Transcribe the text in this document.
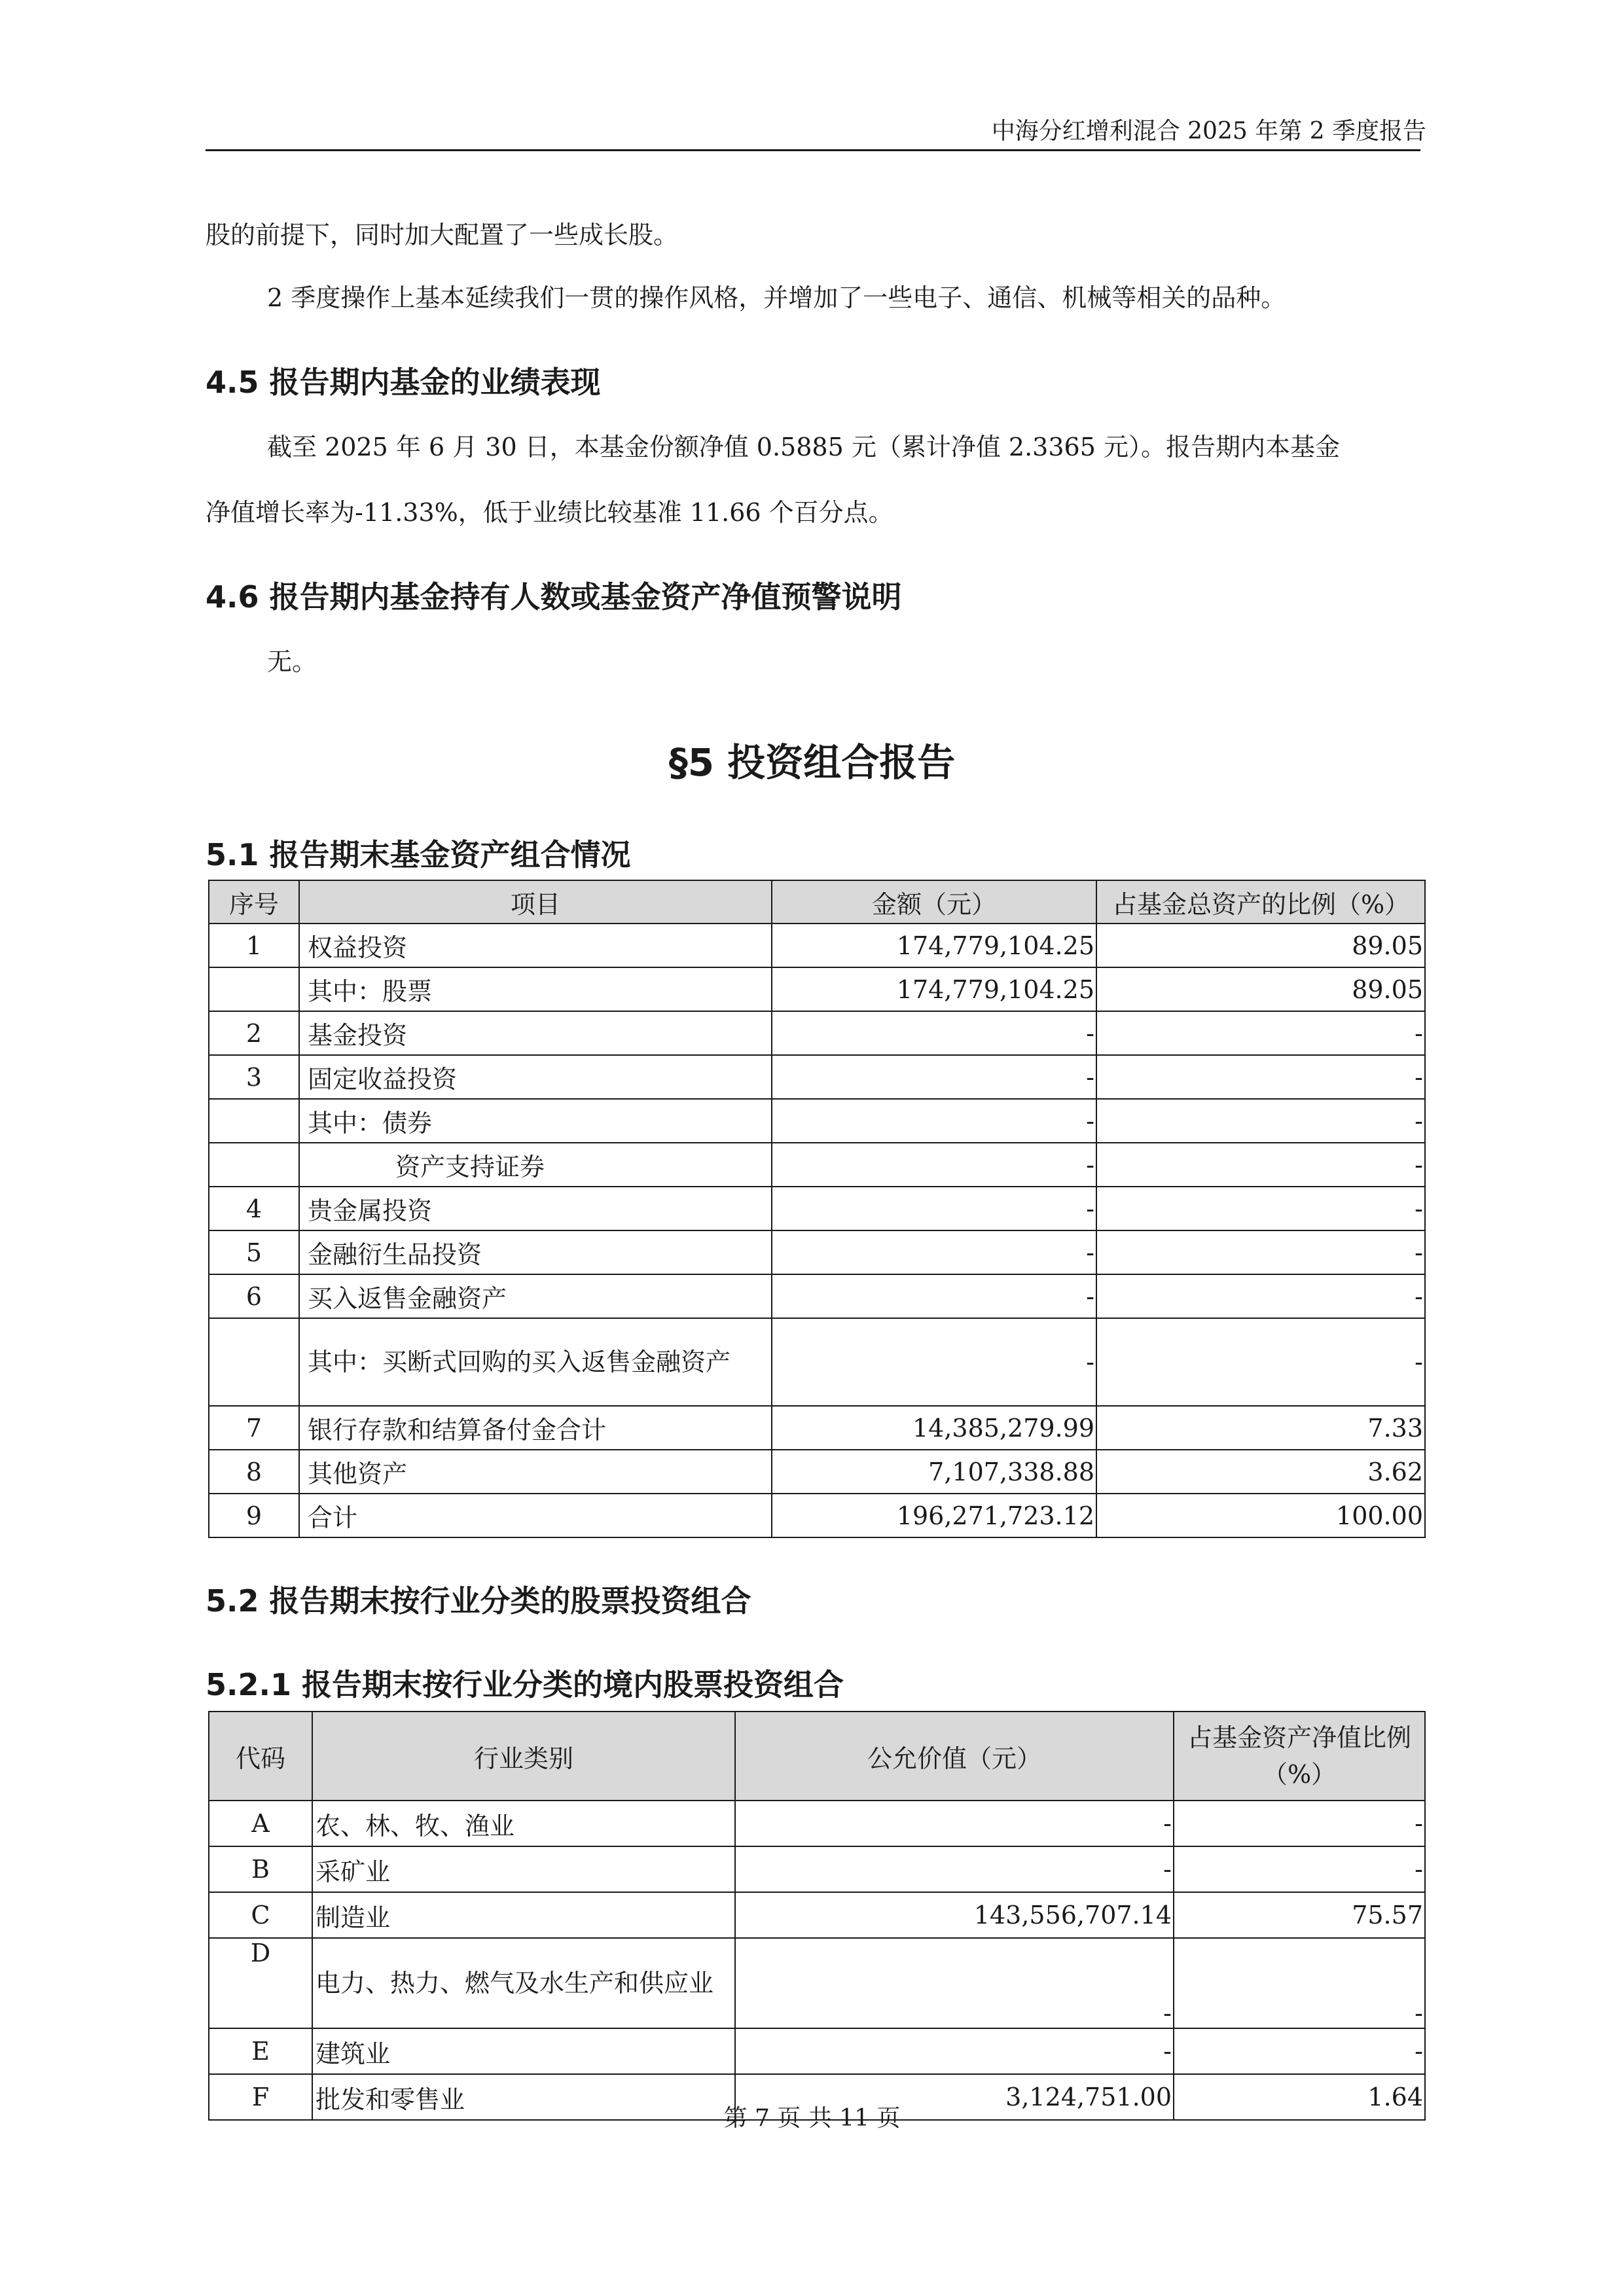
中海分红增利混合 2025 年第 2 季度报告
股的前提下，同时加大配置了一些成长股。
2 季度操作上基本延续我们一贯的操作风格，并增加了一些电子、通信、机械等相关的品种。
4.5 报告期内基金的业绩表现
截至 2025 年 6 月 30 日，本基金份额净值 0.5885 元（累计净值 2.3365 元）。报告期内本基金
净值增长率为-11.33%，低于业绩比较基准 11.66 个百分点。
4.6 报告期内基金持有人数或基金资产净值预警说明
无。
§5 投资组合报告
5.1 报告期末基金资产组合情况
序号	项目	金额（元）	占基金总资产的比例（%）
1	权益投资	174,779,104.25	89.05
	其中：股票	174,779,104.25	89.05
2	基金投资	-	-
3	固定收益投资	-	-
	其中：债券	-	-
	资产支持证券	-	-
4	贵金属投资	-	-
5	金融衍生品投资	-	-
6	买入返售金融资产	-	-
	其中：买断式回购的买入返售金融资产	-	-
7	银行存款和结算备付金合计	14,385,279.99	7.33
8	其他资产	7,107,338.88	3.62
9	合计	196,271,723.12	100.00
5.2 报告期末按行业分类的股票投资组合
5.2.1 报告期末按行业分类的境内股票投资组合
代码	行业类别	公允价值（元）	占基金资产净值比例（%）
A	农、林、牧、渔业	-	-
B	采矿业	-	-
C	制造业	143,556,707.14	75.57
D	电力、热力、燃气及水生产和供应业	-	-
E	建筑业	-	-
F	批发和零售业	3,124,751.00	1.64
第 7 页 共 11 页
